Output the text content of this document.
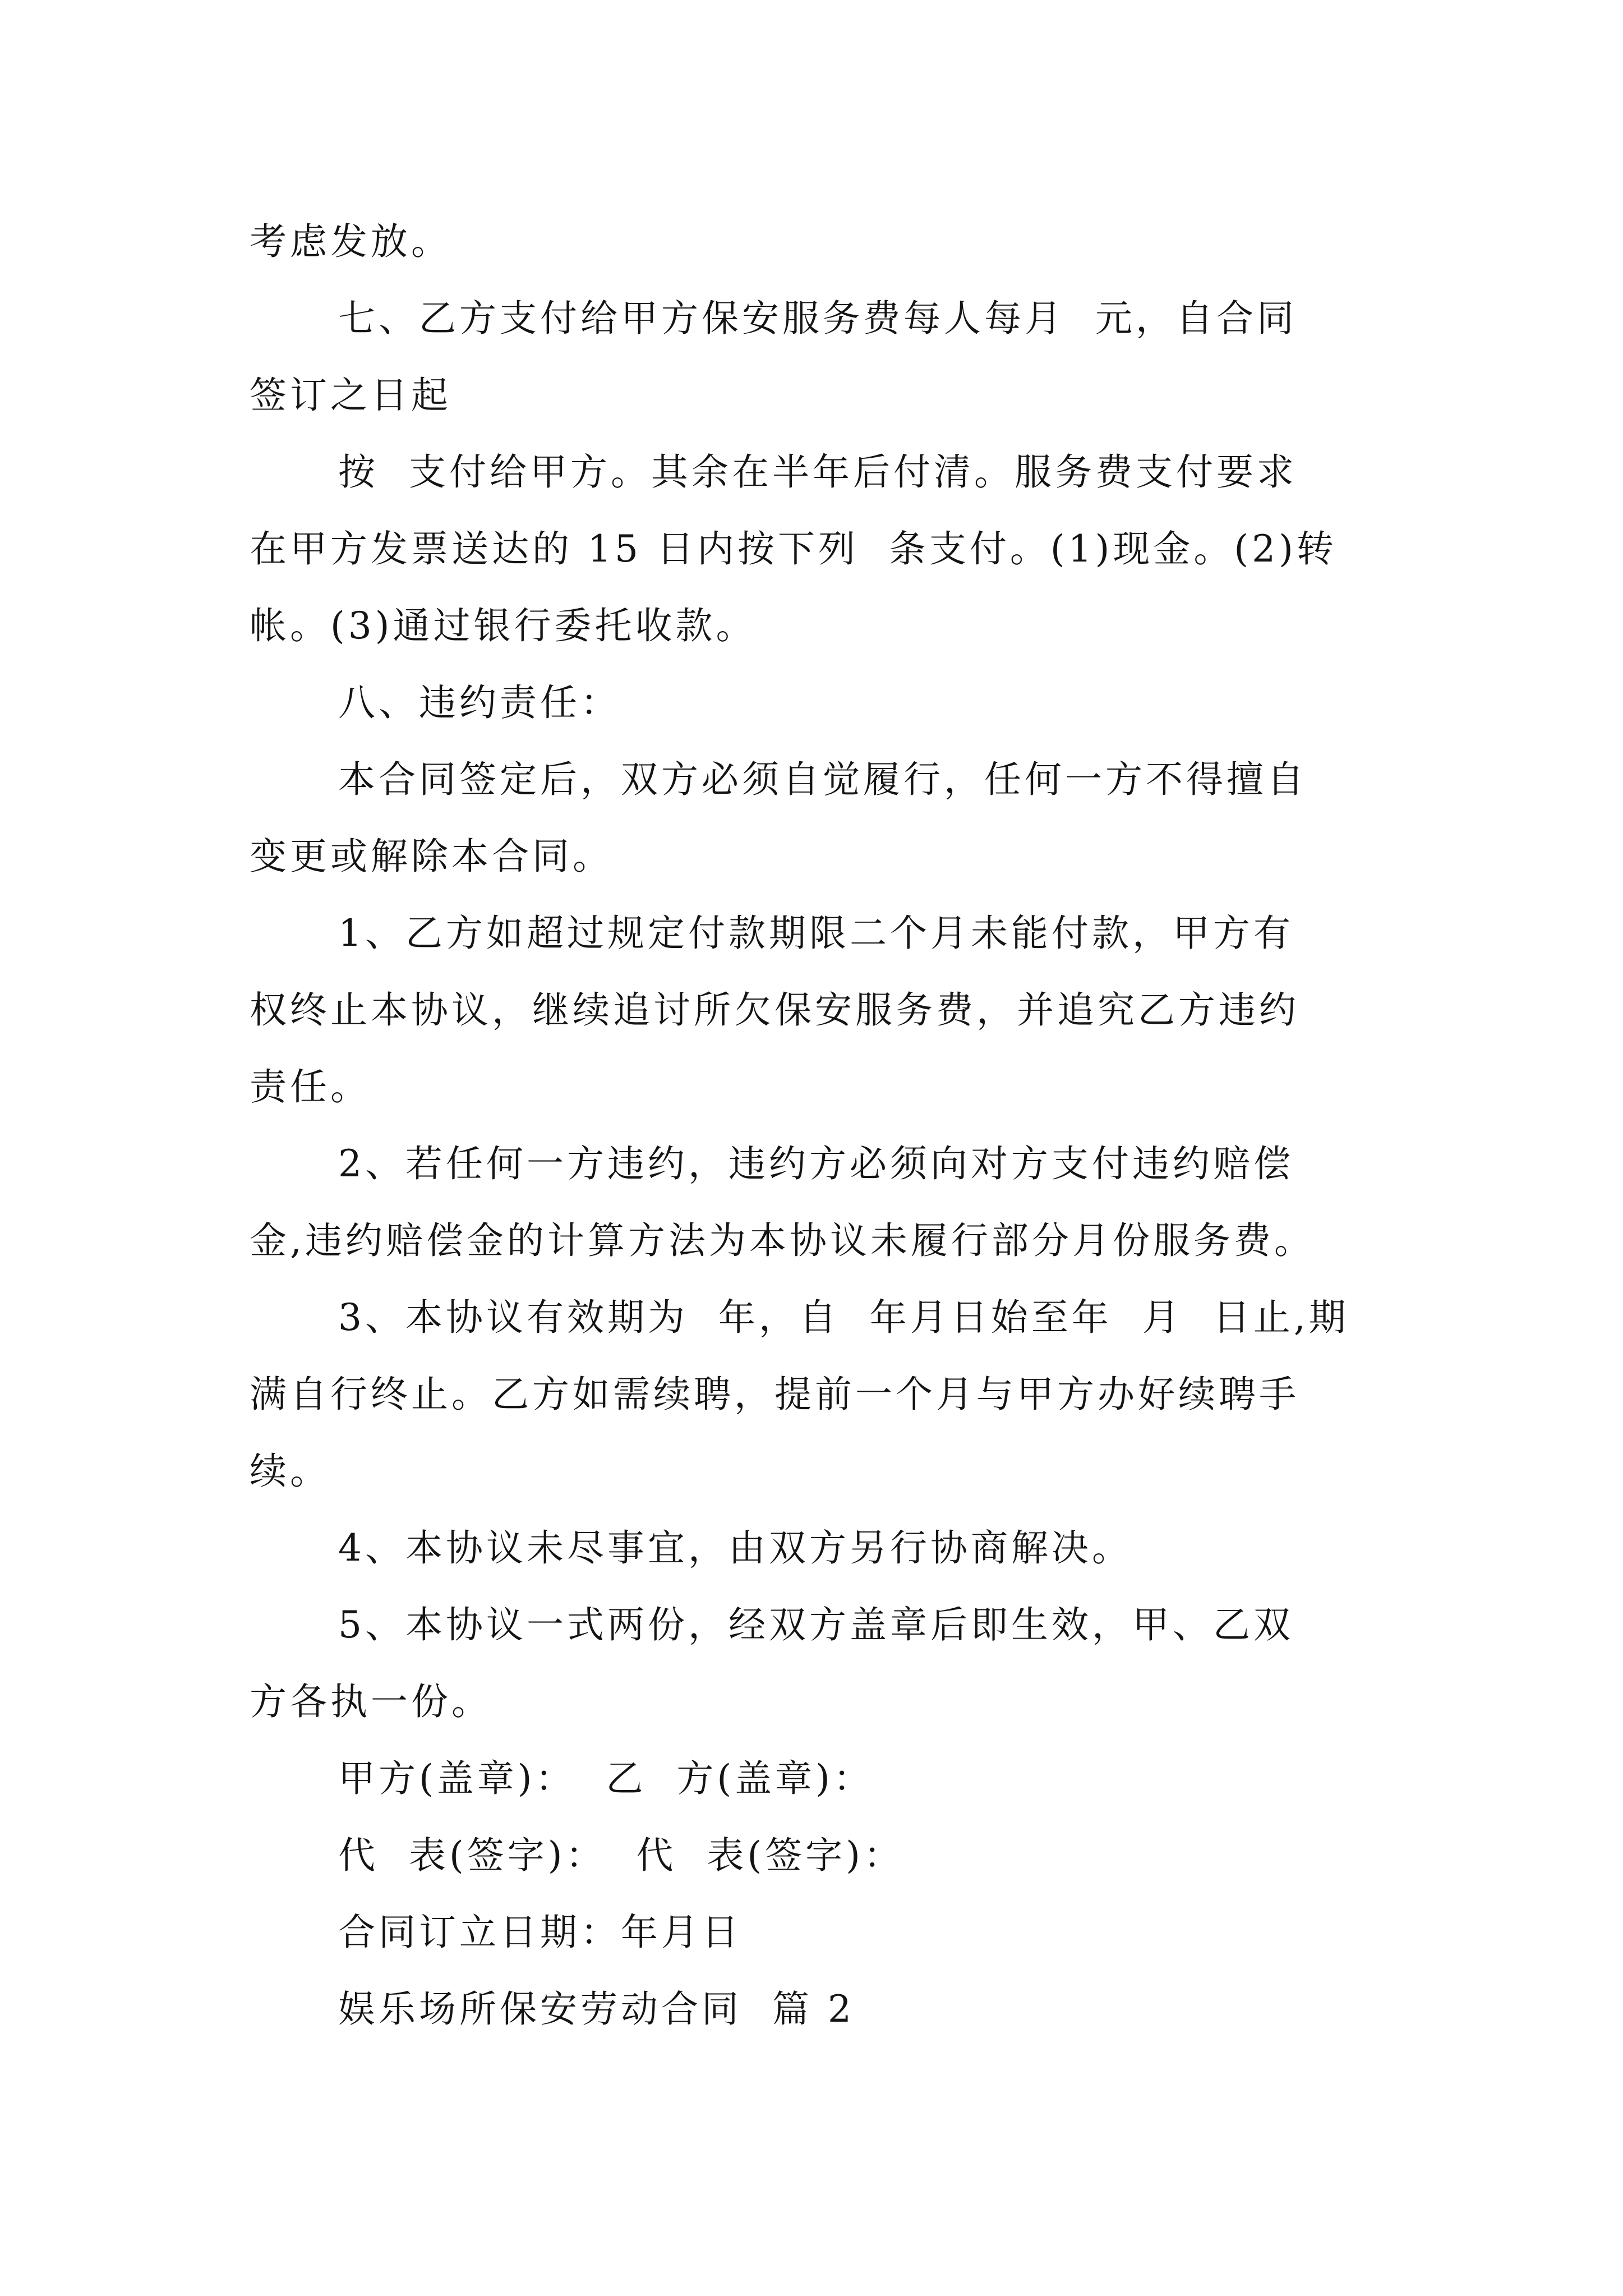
考虑发放。
七、乙方支付给甲方保安服务费每人每月  元，自合同
签订之日起
按  支付给甲方。其余在半年后付清。服务费支付要求
在甲方发票送达的 15 日内按下列  条支付。(1)现金。(2)转
帐。(3)通过银行委托收款。
八、违约责任：
本合同签定后，双方必须自觉履行，任何一方不得擅自
变更或解除本合同。
1、乙方如超过规定付款期限二个月未能付款，甲方有
权终止本协议，继续追讨所欠保安服务费，并追究乙方违约
责任。
2、若任何一方违约，违约方必须向对方支付违约赔偿
金,违约赔偿金的计算方法为本协议未履行部分月份服务费。
3、本协议有效期为  年，自  年月日始至年  月  日止,期
满自行终止。乙方如需续聘，提前一个月与甲方办好续聘手
续。
4、本协议未尽事宜，由双方另行协商解决。
5、本协议一式两份，经双方盖章后即生效，甲、乙双
方各执一份。
甲方(盖章)：  乙  方(盖章)：
代  表(签字)：  代  表(签字)：
合同订立日期：年月日
娱乐场所保安劳动合同  篇 2
